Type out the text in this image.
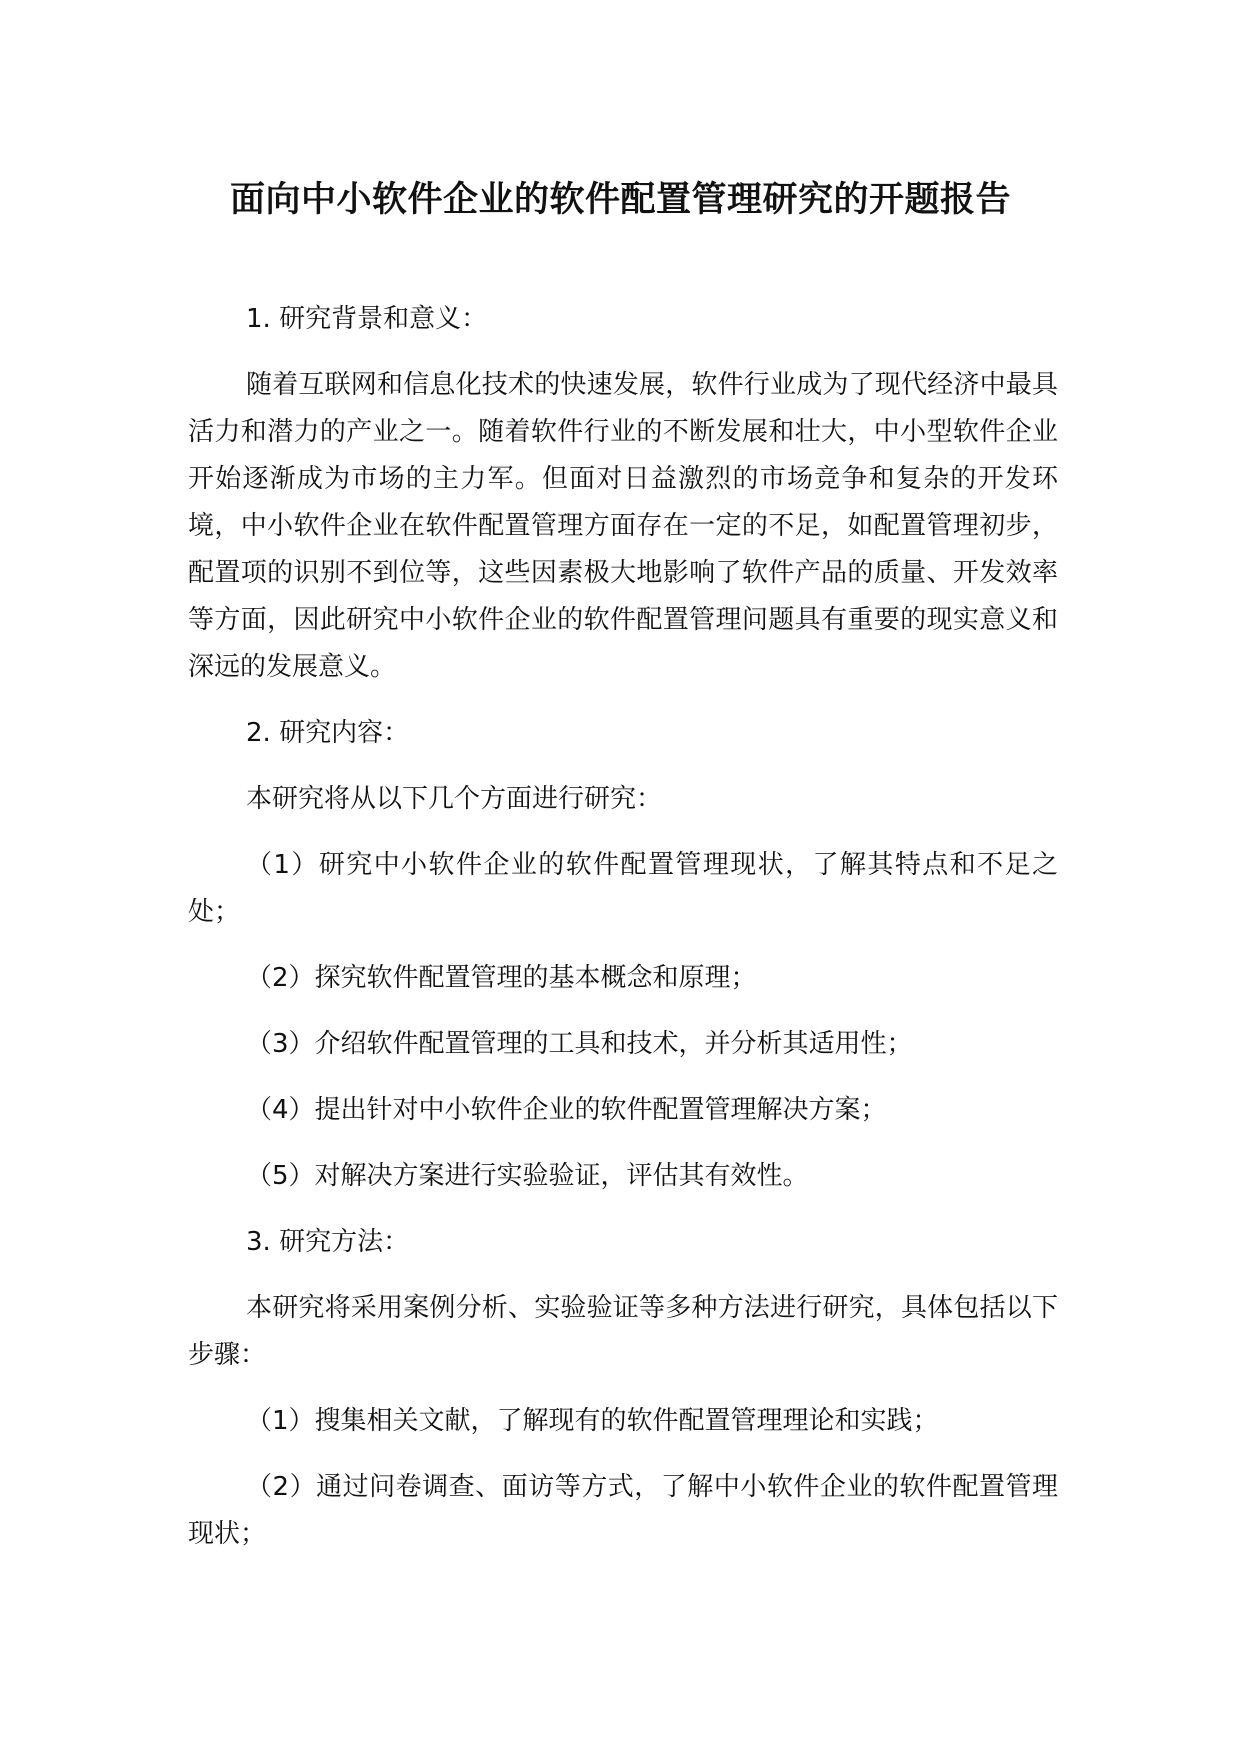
面向中小软件企业的软件配置管理研究的开题报告

1. 研究背景和意义：

随着互联网和信息化技术的快速发展，软件行业成为了现代经济中最具活力和潜力的产业之一。随着软件行业的不断发展和壮大，中小型软件企业开始逐渐成为市场的主力军。但面对日益激烈的市场竞争和复杂的开发环境，中小软件企业在软件配置管理方面存在一定的不足，如配置管理初步，配置项的识别不到位等，这些因素极大地影响了软件产品的质量、开发效率等方面，因此研究中小软件企业的软件配置管理问题具有重要的现实意义和深远的发展意义。

2. 研究内容：

本研究将从以下几个方面进行研究：

（1）研究中小软件企业的软件配置管理现状，了解其特点和不足之处；

（2）探究软件配置管理的基本概念和原理；

（3）介绍软件配置管理的工具和技术，并分析其适用性；

（4）提出针对中小软件企业的软件配置管理解决方案；

（5）对解决方案进行实验验证，评估其有效性。

3. 研究方法：

本研究将采用案例分析、实验验证等多种方法进行研究，具体包括以下步骤：

（1）搜集相关文献，了解现有的软件配置管理理论和实践；

（2）通过问卷调查、面访等方式，了解中小软件企业的软件配置管理现状；
